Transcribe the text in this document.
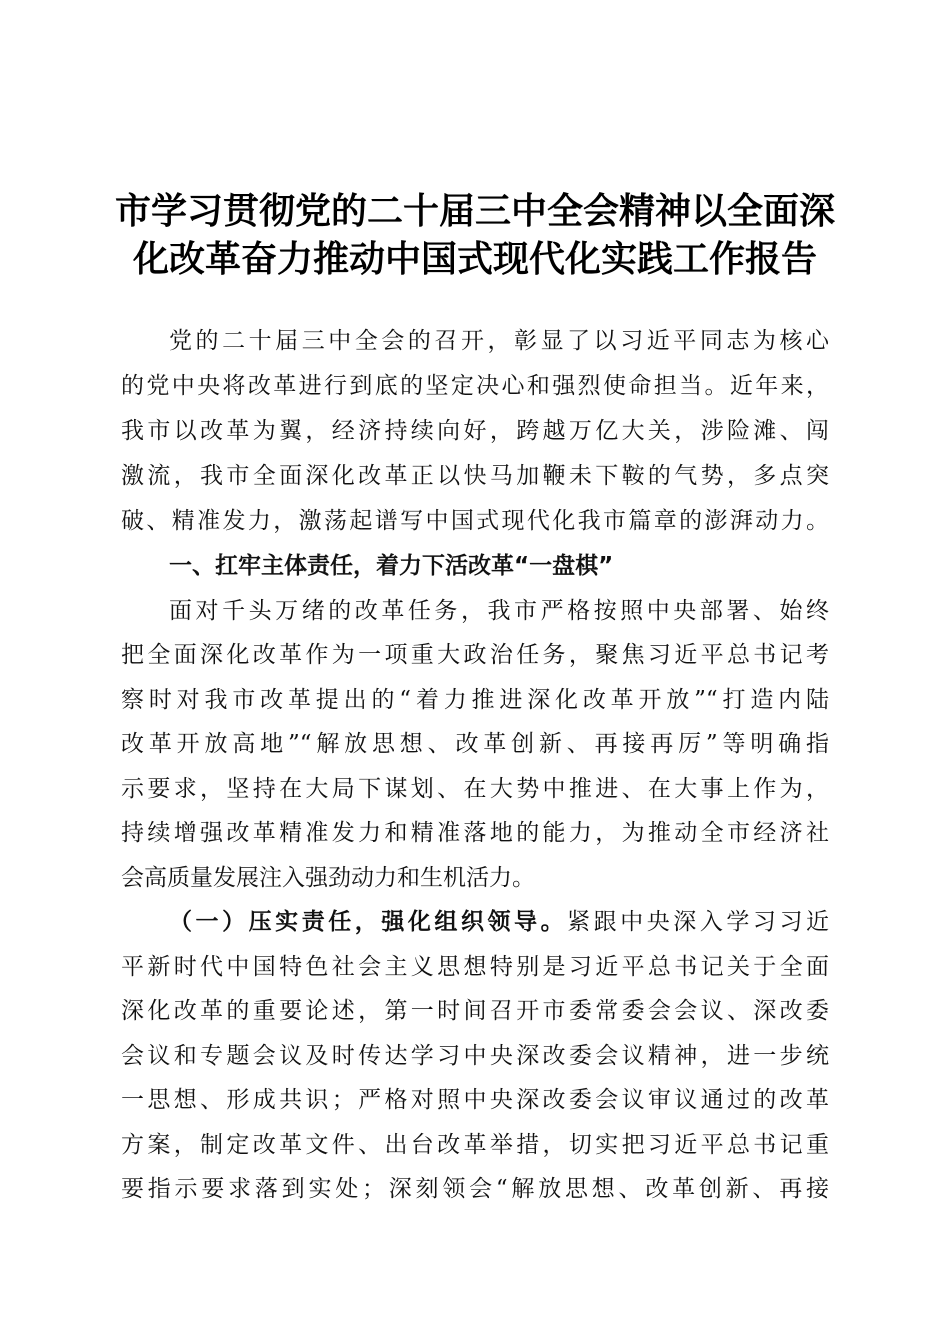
市学习贯彻党的二十届三中全会精神以全面深
化改革奋力推动中国式现代化实践工作报告
党的二十届三中全会的召开，彰显了以习近平同志为核心
的党中央将改革进行到底的坚定决心和强烈使命担当。近年来，
我市以改革为翼，经济持续向好，跨越万亿大关，涉险滩、闯
激流，我市全面深化改革正以快马加鞭未下鞍的气势，多点突
破、精准发力，激荡起谱写中国式现代化我市篇章的澎湃动力。
一、扛牢主体责任，着力下活改革“一盘棋”
面对千头万绪的改革任务，我市严格按照中央部署、始终
把全面深化改革作为一项重大政治任务，聚焦习近平总书记考
察时对我市改革提出的“着力推进深化改革开放”“打造内陆
改革开放高地”“解放思想、改革创新、再接再厉”等明确指
示要求，坚持在大局下谋划、在大势中推进、在大事上作为，
持续增强改革精准发力和精准落地的能力，为推动全市经济社
会高质量发展注入强劲动力和生机活力。
（一）压实责任，强化组织领导。紧跟中央深入学习习近
平新时代中国特色社会主义思想特别是习近平总书记关于全面
深化改革的重要论述，第一时间召开市委常委会会议、深改委
会议和专题会议及时传达学习中央深改委会议精神，进一步统
一思想、形成共识；严格对照中央深改委会议审议通过的改革
方案，制定改革文件、出台改革举措，切实把习近平总书记重
要指示要求落到实处；深刻领会“解放思想、改革创新、再接
